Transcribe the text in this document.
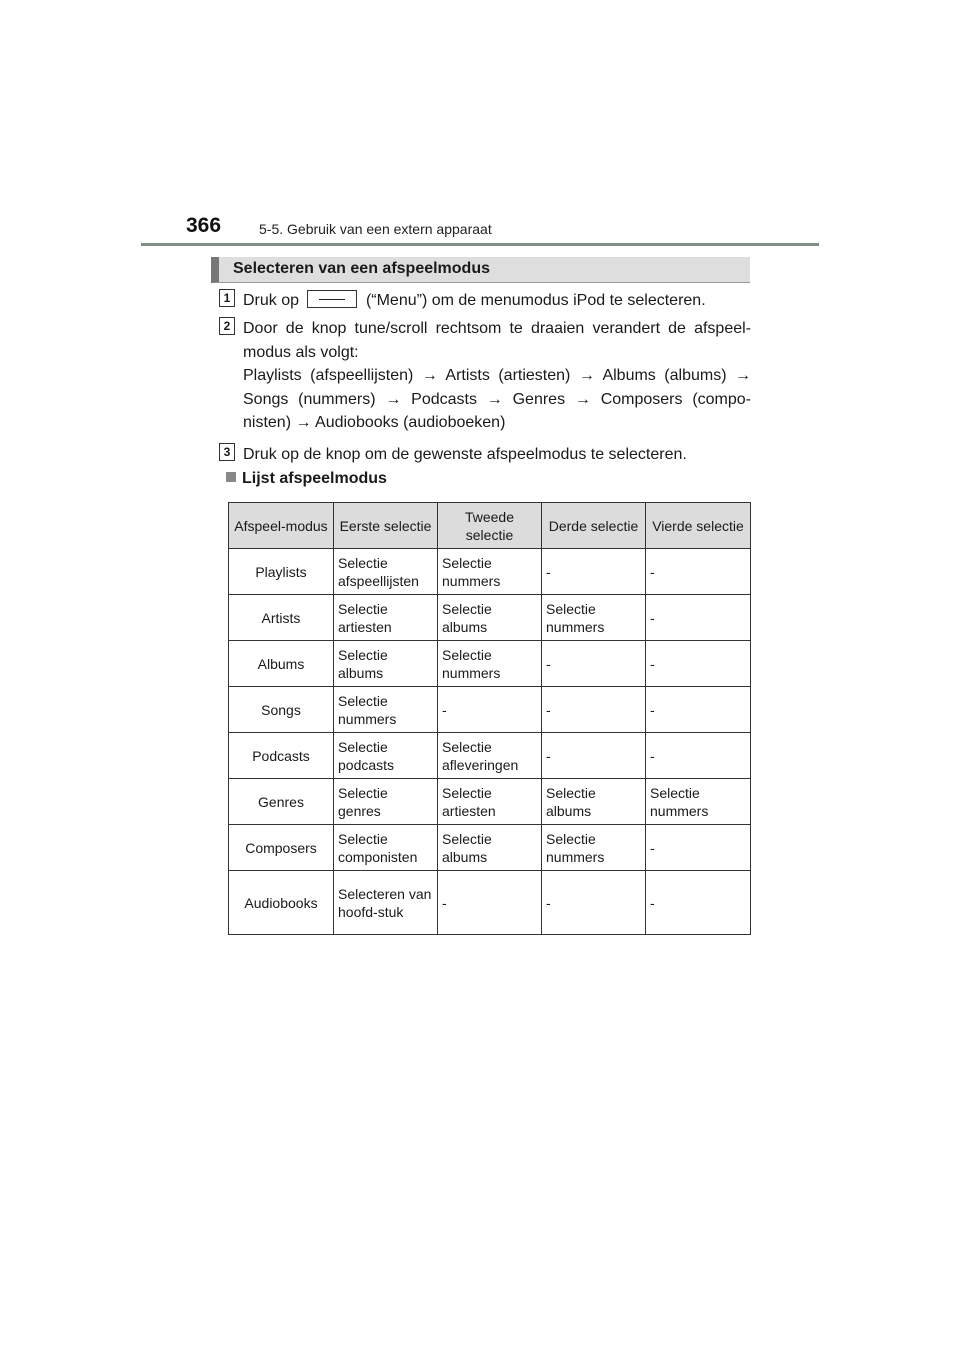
366	5-5. Gebruik van een extern apparaat
Selecteren van een afspeelmodus
1 Druk op	(“Menu”) om de menumodus iPod te selecteren.
2 Door de knop tune/scroll rechtsom te draaien verandert de afspeel-modus als volgt:
Playlists (afspeellijsten) → Artists (artiesten) → Albums (albums) → Songs (nummers) → Podcasts → Genres → Composers (compo-nisten) → Audiobooks (audioboeken)
3 Druk op de knop om de gewenste afspeelmodus te selecteren.
Lijst afspeelmodus
Afspeel-modus	Eerste selectie	Tweede selectie	Derde selectie	Vierde selectie
Playlists	Selectie afspeellijsten	Selectie nummers	-	-
Artists	Selectie artiesten	Selectie albums	Selectie nummers	-
Albums	Selectie albums	Selectie nummers	-	-
Songs	Selectie nummers	-	-	-
Podcasts	Selectie podcasts	Selectie afleveringen	-	-
Genres	Selectie genres	Selectie artiesten	Selectie albums	Selectie nummers
Composers	Selectie componisten	Selectie albums	Selectie nummers	-
Audiobooks	Selecteren van hoofd-stuk	-	-	-
